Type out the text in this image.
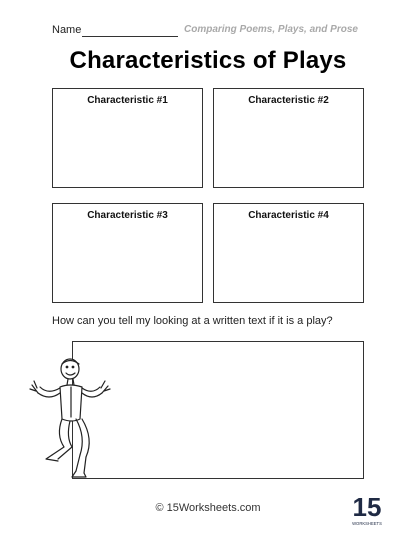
Name	Comparing Poems, Plays, and Prose
Characteristics of Plays
Characteristic #1	Characteristic #2
Characteristic #3	Characteristic #4
How can you tell my looking at a written text if it is a play?
© 15Worksheets.com	15
WORKSHEETS
